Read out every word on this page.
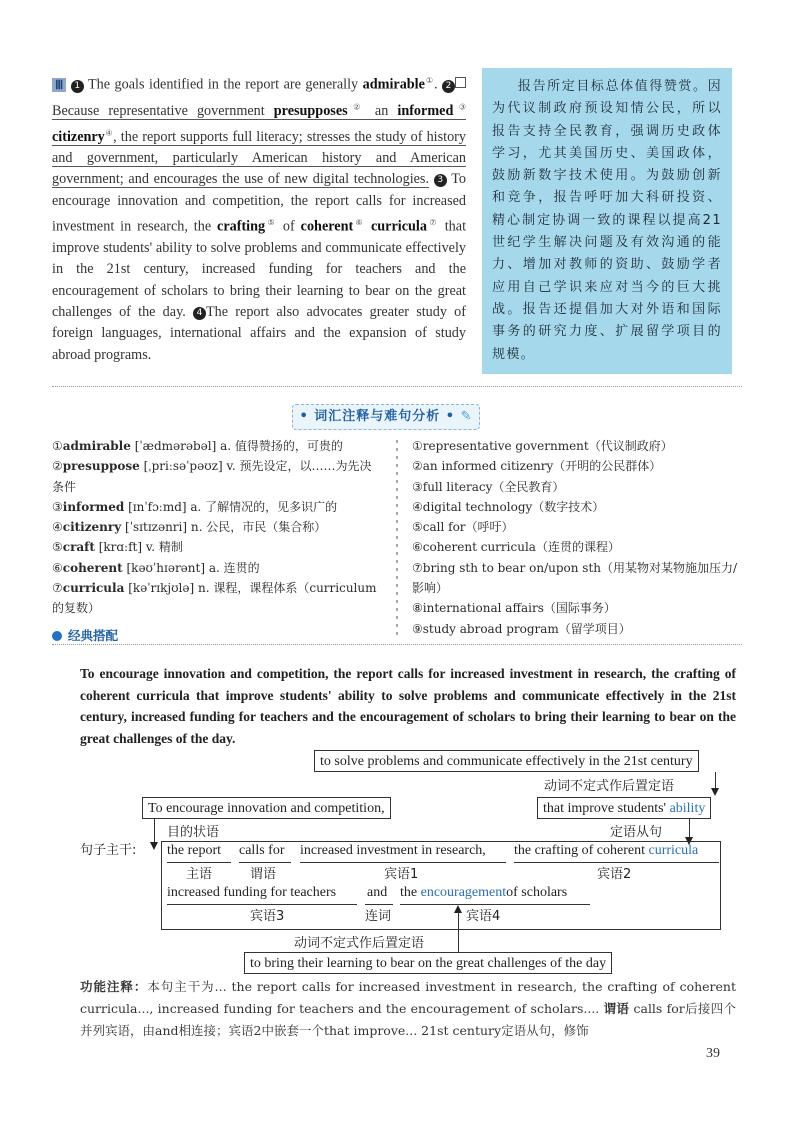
Ⅲ 1 The goals identified in the report are generally admirable①. 2 Because representative government presupposes② an informed③ citizenry④, the report supports full literacy; stresses the study of history and government, particularly American history and American government; and encourages the use of new digital technologies. 3 To encourage innovation and competition, the report calls for increased investment in research, the crafting⑤ of coherent⑥ curricula⑦ that improve students' ability to solve problems and communicate effectively in the 21st century, increased funding for teachers and the encouragement of scholars to bring their learning to bear on the great challenges of the day. 4 The report also advocates greater study of foreign languages, international affairs and the expansion of study abroad programs.
报告所定目标总体值得赞赏。因为代议制政府预设知情公民，所以报告支持全民教育，强调历史政体学习，尤其美国历史、美国政体，鼓励新数字技术使用。为鼓励创新和竞争，报告呼吁加大科研投资、精心制定协调一致的课程以提高21世纪学生解决问题及有效沟通的能力、增加对教师的资助、鼓励学者应用自己学识来应对当今的巨大挑战。报告还提倡加大对外语和国际事务的研究力度、扩展留学项目的规模。
• 词汇注释与难句分析 • ✎
①admirable [ˈædmərəbəl] a. 值得赞扬的，可贵的
②presuppose [ˌpriːsəˈpəʊz] v. 预先设定，以……为先决条件
③informed [ɪnˈfɔːmd] a. 了解情况的，见多识广的
④citizenry [ˈsɪtɪzənri] n. 公民，市民（集合称）
⑤craft [krɑːft] v. 精制
⑥coherent [kəʊˈhɪərənt] a. 连贯的
⑦curricula [kəˈrɪkjʊlə] n. 课程，课程体系（curriculum 的复数）
①representative government（代议制政府）
②an informed citizenry（开明的公民群体）
③full literacy（全民教育）
④digital technology（数字技术）
⑤call for（呼吁）
⑥coherent curricula（连贯的课程）
⑦bring sth to bear on/upon sth（用某物对某物施加压力/影响）
⑧international affairs（国际事务）
⑨study abroad program（留学项目）
经典搭配
To encourage innovation and competition, the report calls for increased investment in research, the crafting of coherent curricula that improve students' ability to solve problems and communicate effectively in the 21st century, increased funding for teachers and the encouragement of scholars to bring their learning to bear on the great challenges of the day.
to solve problems and communicate effectively in the 21st century
动词不定式作后置定语
that improve students' ability
定语从句
To encourage innovation and competition,
目的状语
句子主干: the report
主语
calls for
谓语
increased investment in research,
宾语1
the crafting of coherent curricula
宾语2
increased funding for teachers
宾语3
and
连词
the encouragementof scholars
宾语4
动词不定式作后置定语
to bring their learning to bear on the great challenges of the day
功能注释：本句主干为... the report calls for increased investment in research, the crafting of coherent curricula..., increased funding for teachers and the encouragement of scholars.... 谓语 calls for后接四个并列宾语，由and相连接；宾语2中嵌套一个that improve... 21st century定语从句，修饰
39
